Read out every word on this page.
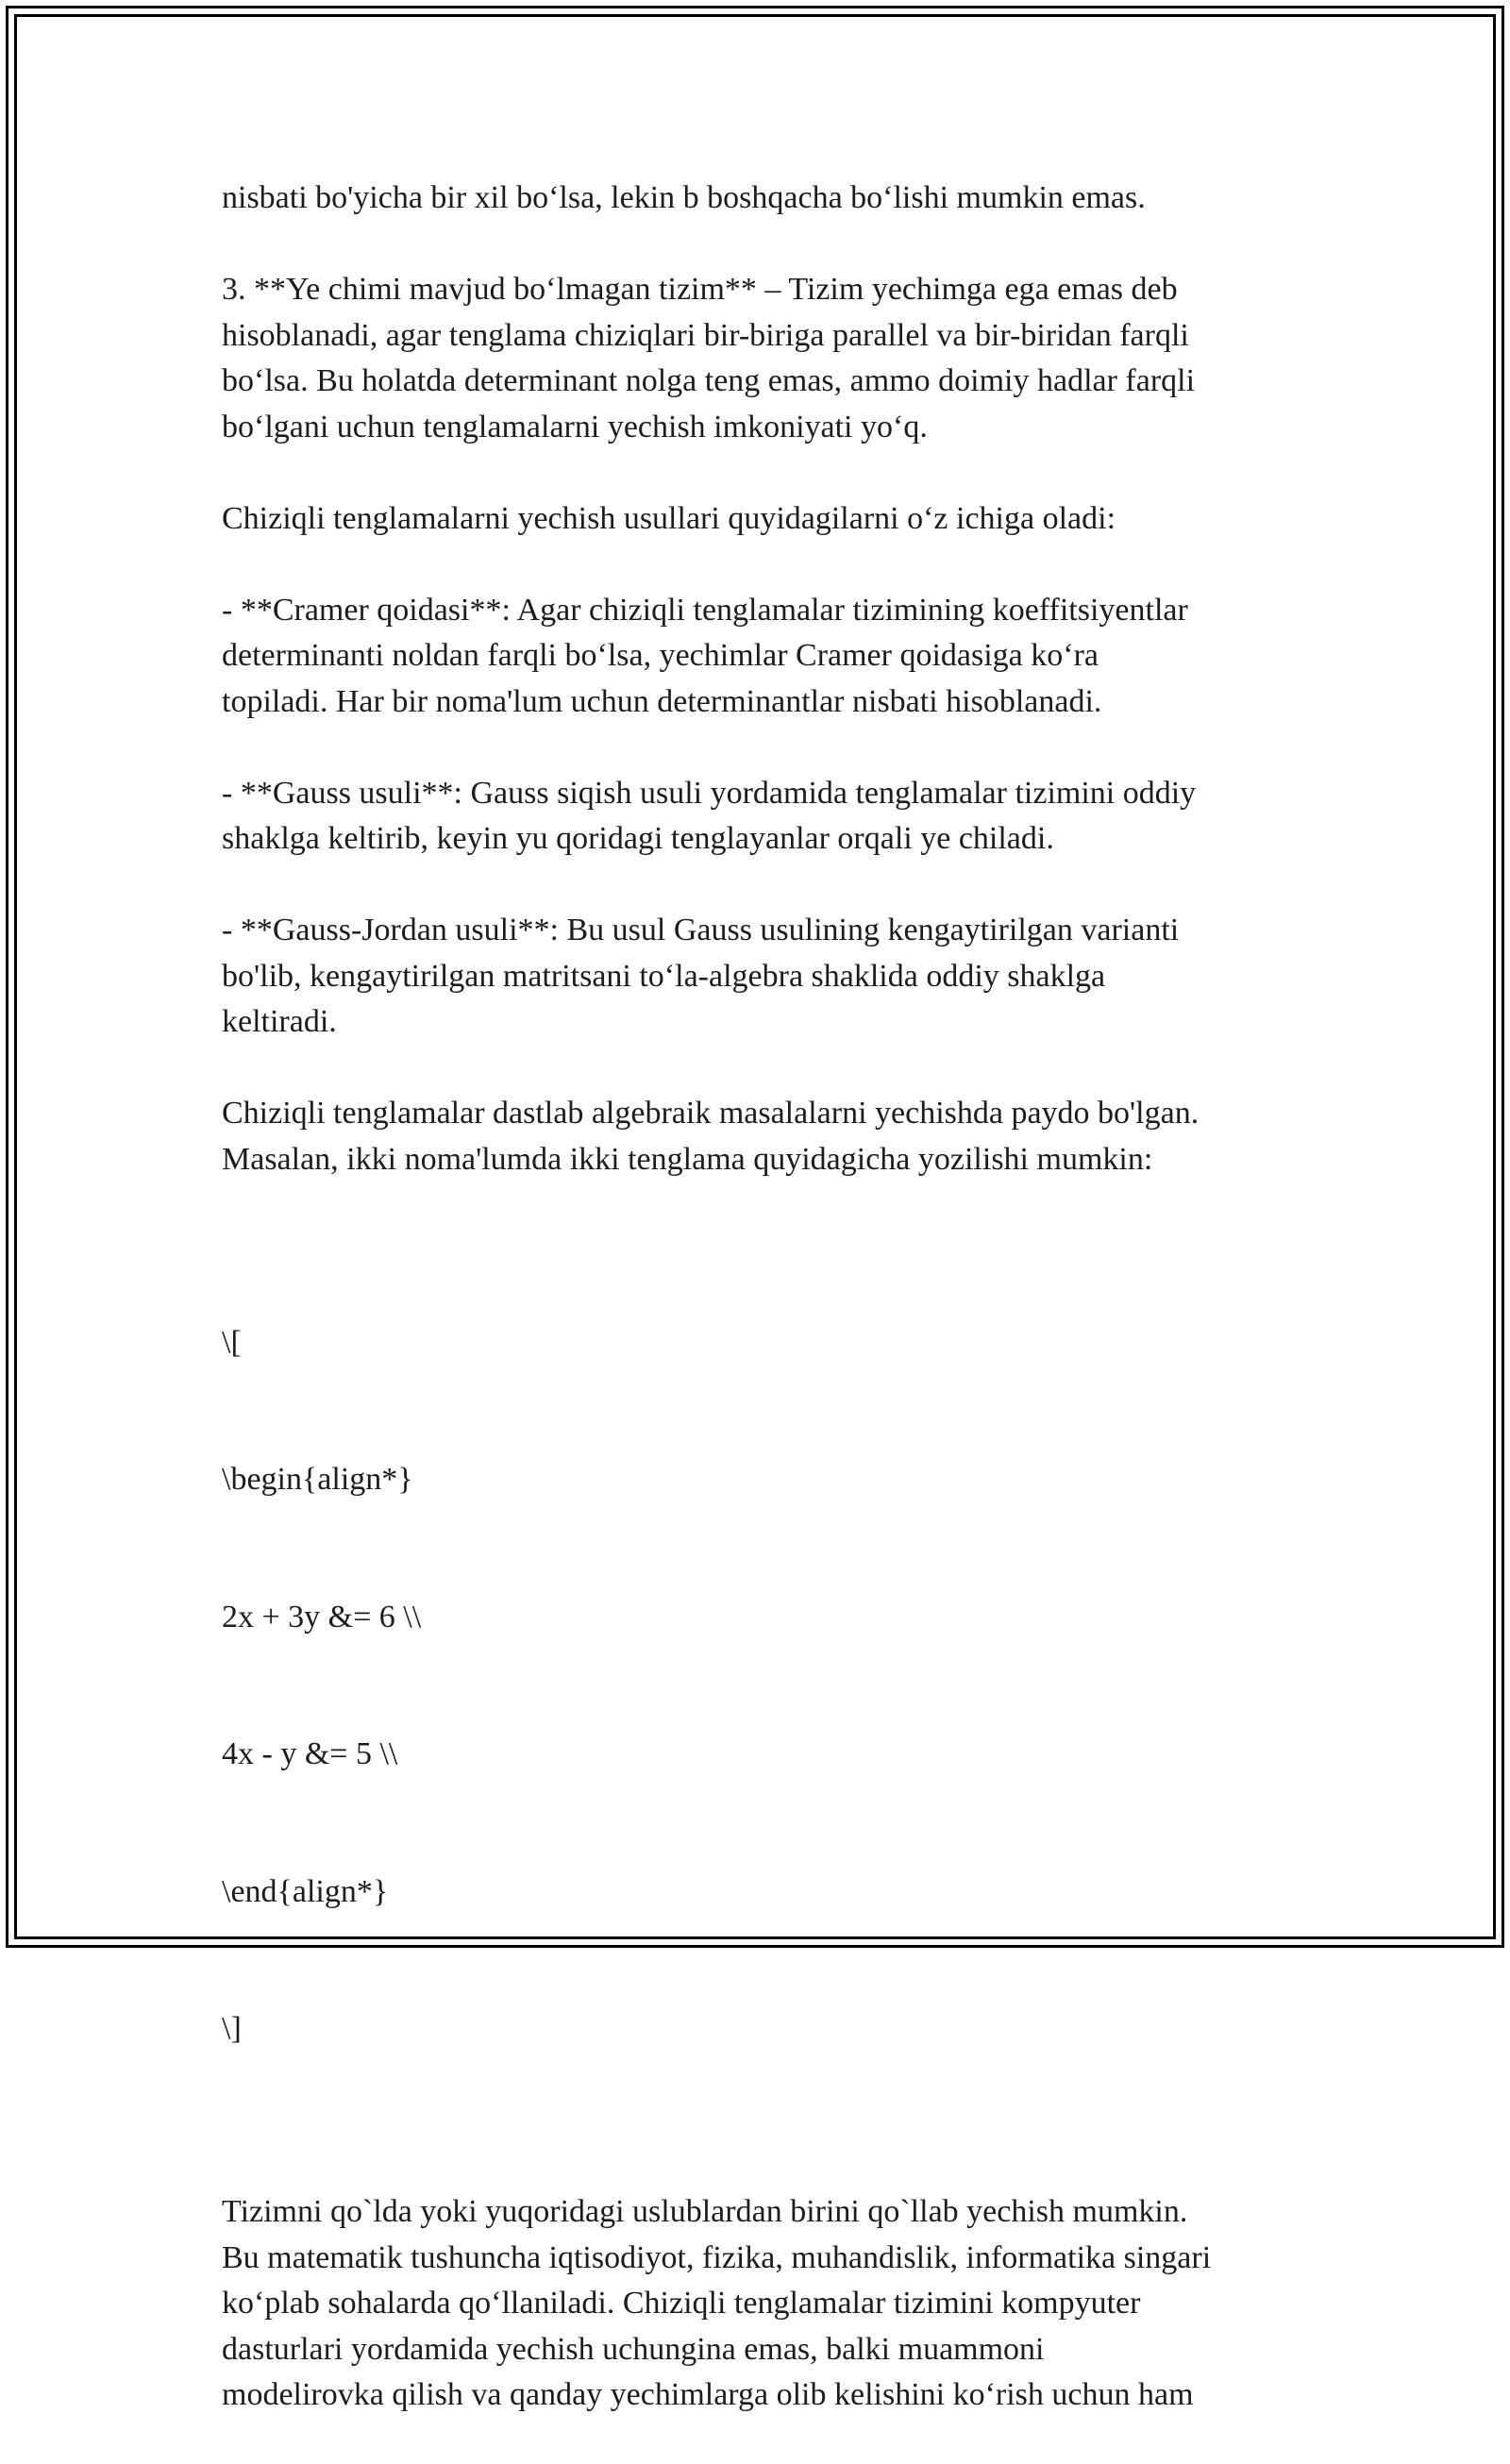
nisbati bo'yicha bir xil bo‘lsa, lekin b boshqacha bo‘lishi mumkin emas.

3. **Ye chimi mavjud bo‘lmagan tizim** – Tizim yechimga ega emas deb
hisoblanadi, agar tenglama chiziqlari bir-biriga parallel va bir-biridan farqli
bo‘lsa. Bu holatda determinant nolga teng emas, ammo doimiy hadlar farqli
bo‘lgani uchun tenglamalarni yechish imkoniyati yo‘q.

Chiziqli tenglamalarni yechish usullari quyidagilarni o‘z ichiga oladi:

- **Cramer qoidasi**: Agar chiziqli tenglamalar tizimining koeffitsiyentlar
determinanti noldan farqli bo‘lsa, yechimlar Cramer qoidasiga ko‘ra
topiladi. Har bir noma'lum uchun determinantlar nisbati hisoblanadi.

- **Gauss usuli**: Gauss siqish usuli yordamida tenglamalar tizimini oddiy
shaklga keltirib, keyin yu qoridagi tenglayanlar orqali ye chiladi.

- **Gauss-Jordan usuli**: Bu usul Gauss usulining kengaytirilgan varianti
bo'lib, kengaytirilgan matritsani to‘la-algebra shaklida oddiy shaklga
keltiradi.

Chiziqli tenglamalar dastlab algebraik masalalarni yechishda paydo bo'lgan.
Masalan, ikki noma'lumda ikki tenglama quyidagicha yozilishi mumkin:

\[

\begin{align*}

2x + 3y &= 6 \\

4x - y &= 5 \\

\end{align*}

\]

Tizimni qo`lda yoki yuqoridagi uslublardan birini qo`llab yechish mumkin.
Bu matematik tushuncha iqtisodiyot, fizika, muhandislik, informatika singari
ko‘plab sohalarda qo‘llaniladi. Chiziqli tenglamalar tizimini kompyuter
dasturlari yordamida yechish uchungina emas, balki muammoni
modelirovka qilish va qanday yechimlarga olib kelishini ko‘rish uchun ham
